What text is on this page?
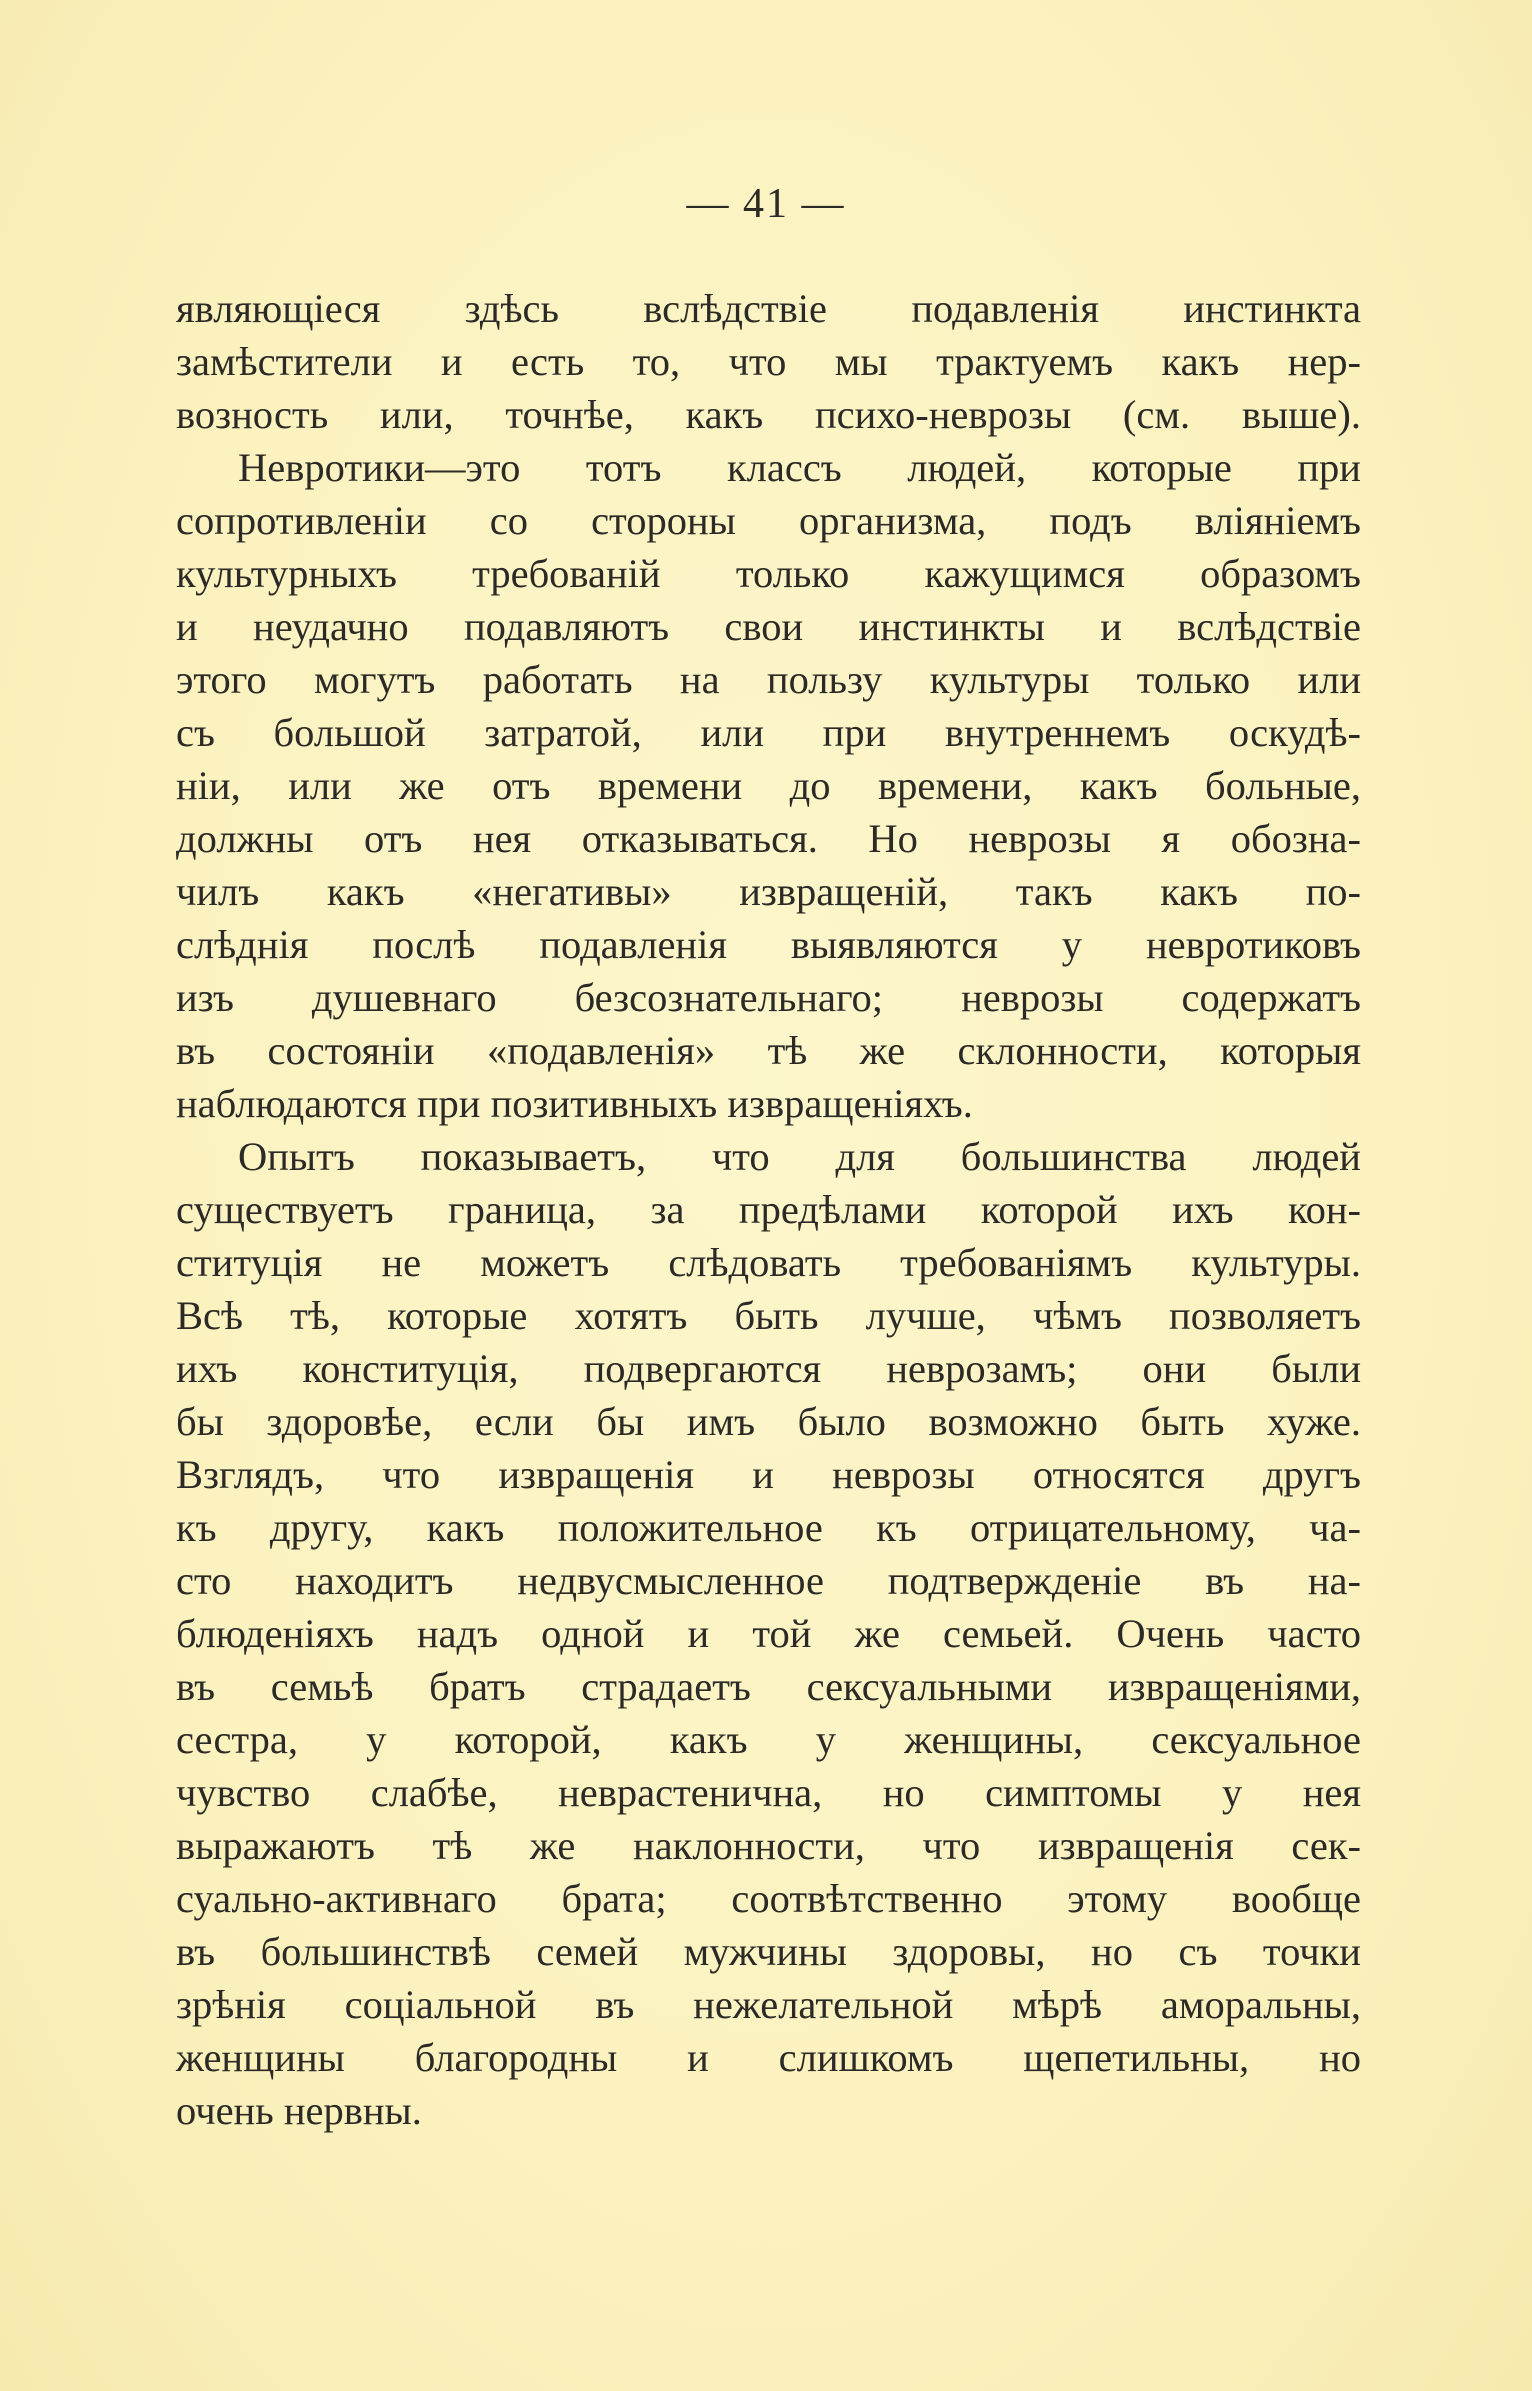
— 41 —
являющіеся здѣсь вслѣдствіе подавленія инстинкта
замѣстители и есть то, что мы трактуемъ какъ нер-
возность или, точнѣе, какъ психо-неврозы (см. выше).
Невротики—это тотъ классъ людей, которые при
сопротивленіи со стороны организма, подъ вліяніемъ
культурныхъ требованій только кажущимся образомъ
и неудачно подавляютъ свои инстинкты и вслѣдствіе
этого могутъ работать на пользу культуры только или
съ большой затратой, или при внутреннемъ оскудѣ-
ніи, или же отъ времени до времени, какъ больные,
должны отъ нея отказываться. Но неврозы я обозна-
чилъ какъ «негативы» извращеній, такъ какъ по-
слѣднія послѣ подавленія выявляются у невротиковъ
изъ душевнаго безсознательнаго; неврозы содержатъ
въ состояніи «подавленія» тѣ же склонности, которыя
наблюдаются при позитивныхъ извращеніяхъ.
Опытъ показываетъ, что для большинства людей
существуетъ граница, за предѣлами которой ихъ кон-
ституція не можетъ слѣдовать требованіямъ культуры.
Всѣ тѣ, которые хотятъ быть лучше, чѣмъ позволяетъ
ихъ конституція, подвергаются неврозамъ; они были
бы здоровѣе, если бы имъ было возможно быть хуже.
Взглядъ, что извращенія и неврозы относятся другъ
къ другу, какъ положительное къ отрицательному, ча-
сто находитъ недвусмысленное подтвержденіе въ на-
блюденіяхъ надъ одной и той же семьей. Очень часто
въ семьѣ братъ страдаетъ сексуальными извращеніями,
сестра, у которой, какъ у женщины, сексуальное
чувство слабѣе, неврастенична, но симптомы у нея
выражаютъ тѣ же наклонности, что извращенія сек-
суально-активнаго брата; соотвѣтственно этому вообще
въ большинствѣ семей мужчины здоровы, но съ точки
зрѣнія соціальной въ нежелательной мѣрѣ аморальны,
женщины благородны и слишкомъ щепетильны, но
очень нервны.
